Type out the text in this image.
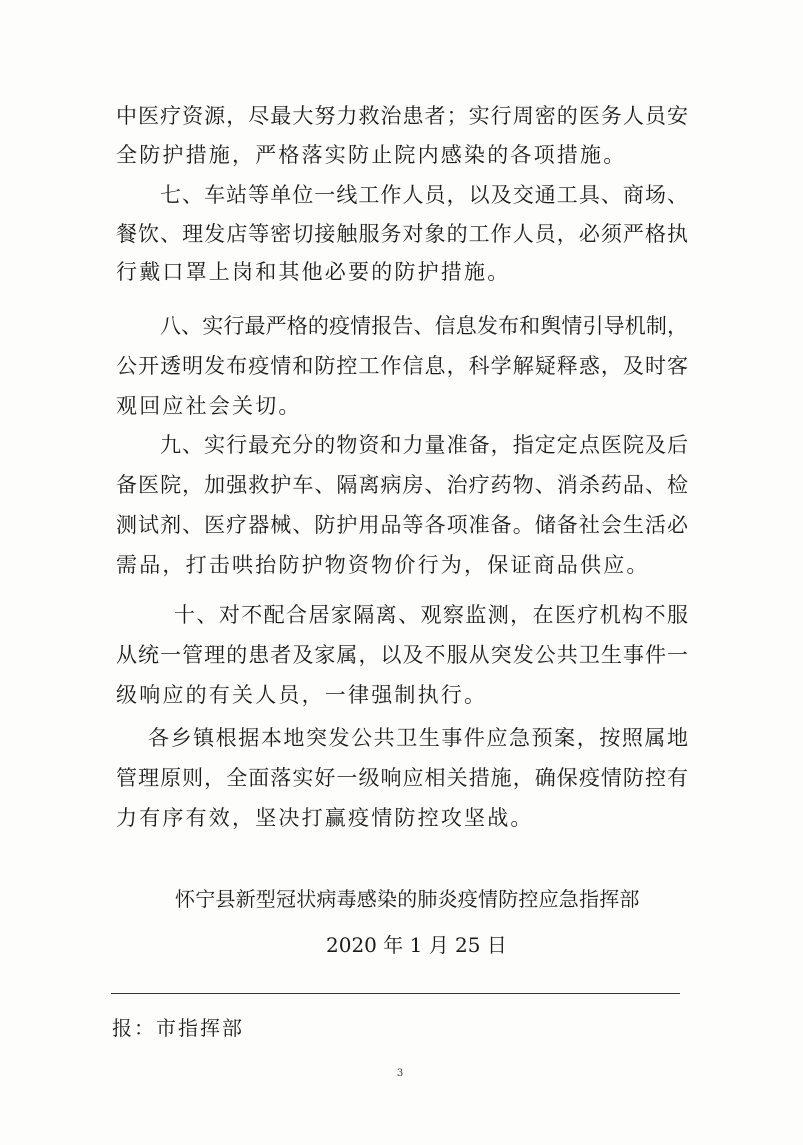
中医疗资源，尽最大努力救治患者；实行周密的医务人员安
全防护措施，严格落实防止院内感染的各项措施。
七、车站等单位一线工作人员，以及交通工具、商场、
餐饮、理发店等密切接触服务对象的工作人员，必须严格执
行戴口罩上岗和其他必要的防护措施。
八、实行最严格的疫情报告、信息发布和舆情引导机制，
公开透明发布疫情和防控工作信息，科学解疑释惑，及时客
观回应社会关切。
九、实行最充分的物资和力量准备，指定定点医院及后
备医院，加强救护车、隔离病房、治疗药物、消杀药品、检
测试剂、医疗器械、防护用品等各项准备。储备社会生活必
需品，打击哄抬防护物资物价行为，保证商品供应。
十、对不配合居家隔离、观察监测，在医疗机构不服
从统一管理的患者及家属，以及不服从突发公共卫生事件一
级响应的有关人员，一律强制执行。
各乡镇根据本地突发公共卫生事件应急预案，按照属地
管理原则，全面落实好一级响应相关措施，确保疫情防控有
力有序有效，坚决打赢疫情防控攻坚战。
怀宁县新型冠状病毒感染的肺炎疫情防控应急指挥部
2020 年 1 月 25 日
报：市指挥部
3
